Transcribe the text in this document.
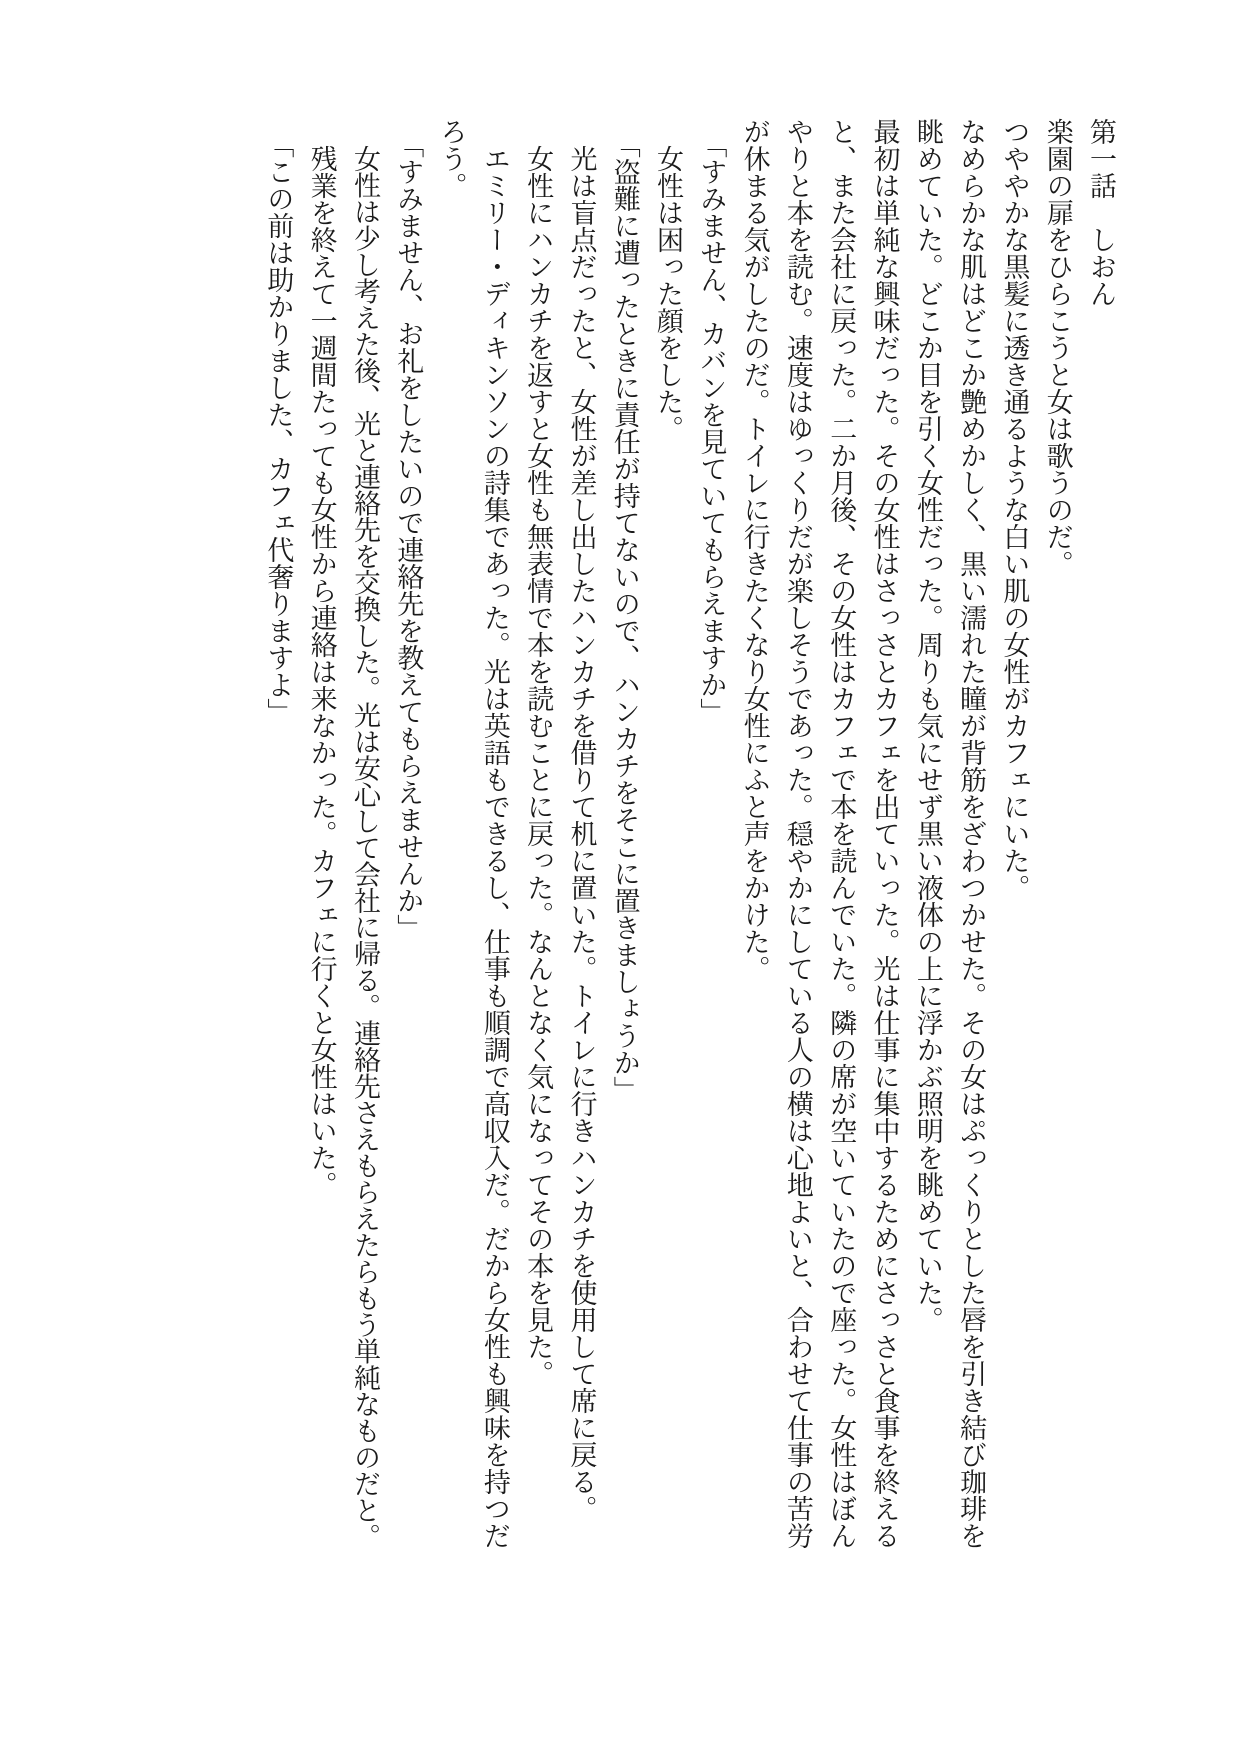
第一話　しおん

楽園の扉をひらこうと女は歌うのだ。

つややかな黒髪に透き通るような白い肌の女性がカフェにいた。

なめらかな肌はどこか艶めかしく、黒い濡れた瞳が背筋をざわつかせた。その女はぷっくりとした唇を引き結び珈琲を眺めていた。どこか目を引く女性だった。周りも気にせず黒い液体の上に浮かぶ照明を眺めていた。

最初は単純な興味だった。その女性はさっさとカフェを出ていった。光は仕事に集中するためにさっさと食事を終えると、また会社に戻った。二か月後、その女性はカフェで本を読んでいた。隣の席が空いていたので座った。女性はぼんやりと本を読む。速度はゆっくりだが楽しそうであった。穏やかにしている人の横は心地よいと、合わせて仕事の苦労が休まる気がしたのだ。トイレに行きたくなり女性にふと声をかけた。

「すみません、カバンを見ていてもらえますか」

女性は困った顔をした。

「盗難に遭ったときに責任が持てないので、ハンカチをそこに置きましょうか」

光は盲点だったと、女性が差し出したハンカチを借りて机に置いた。トイレに行きハンカチを使用して席に戻る。

女性にハンカチを返すと女性も無表情で本を読むことに戻った。なんとなく気になってその本を見た。

エミリー・ディキンソンの詩集であった。光は英語もできるし、仕事も順調で高収入だ。だから女性も興味を持つだろう。

「すみません、お礼をしたいので連絡先を教えてもらえませんか」

女性は少し考えた後、光と連絡先を交換した。光は安心して会社に帰る。連絡先さえもらえたらもう単純なものだと。

残業を終えて一週間たっても女性から連絡は来なかった。カフェに行くと女性はいた。

「この前は助かりました、カフェ代奢りますよ」
